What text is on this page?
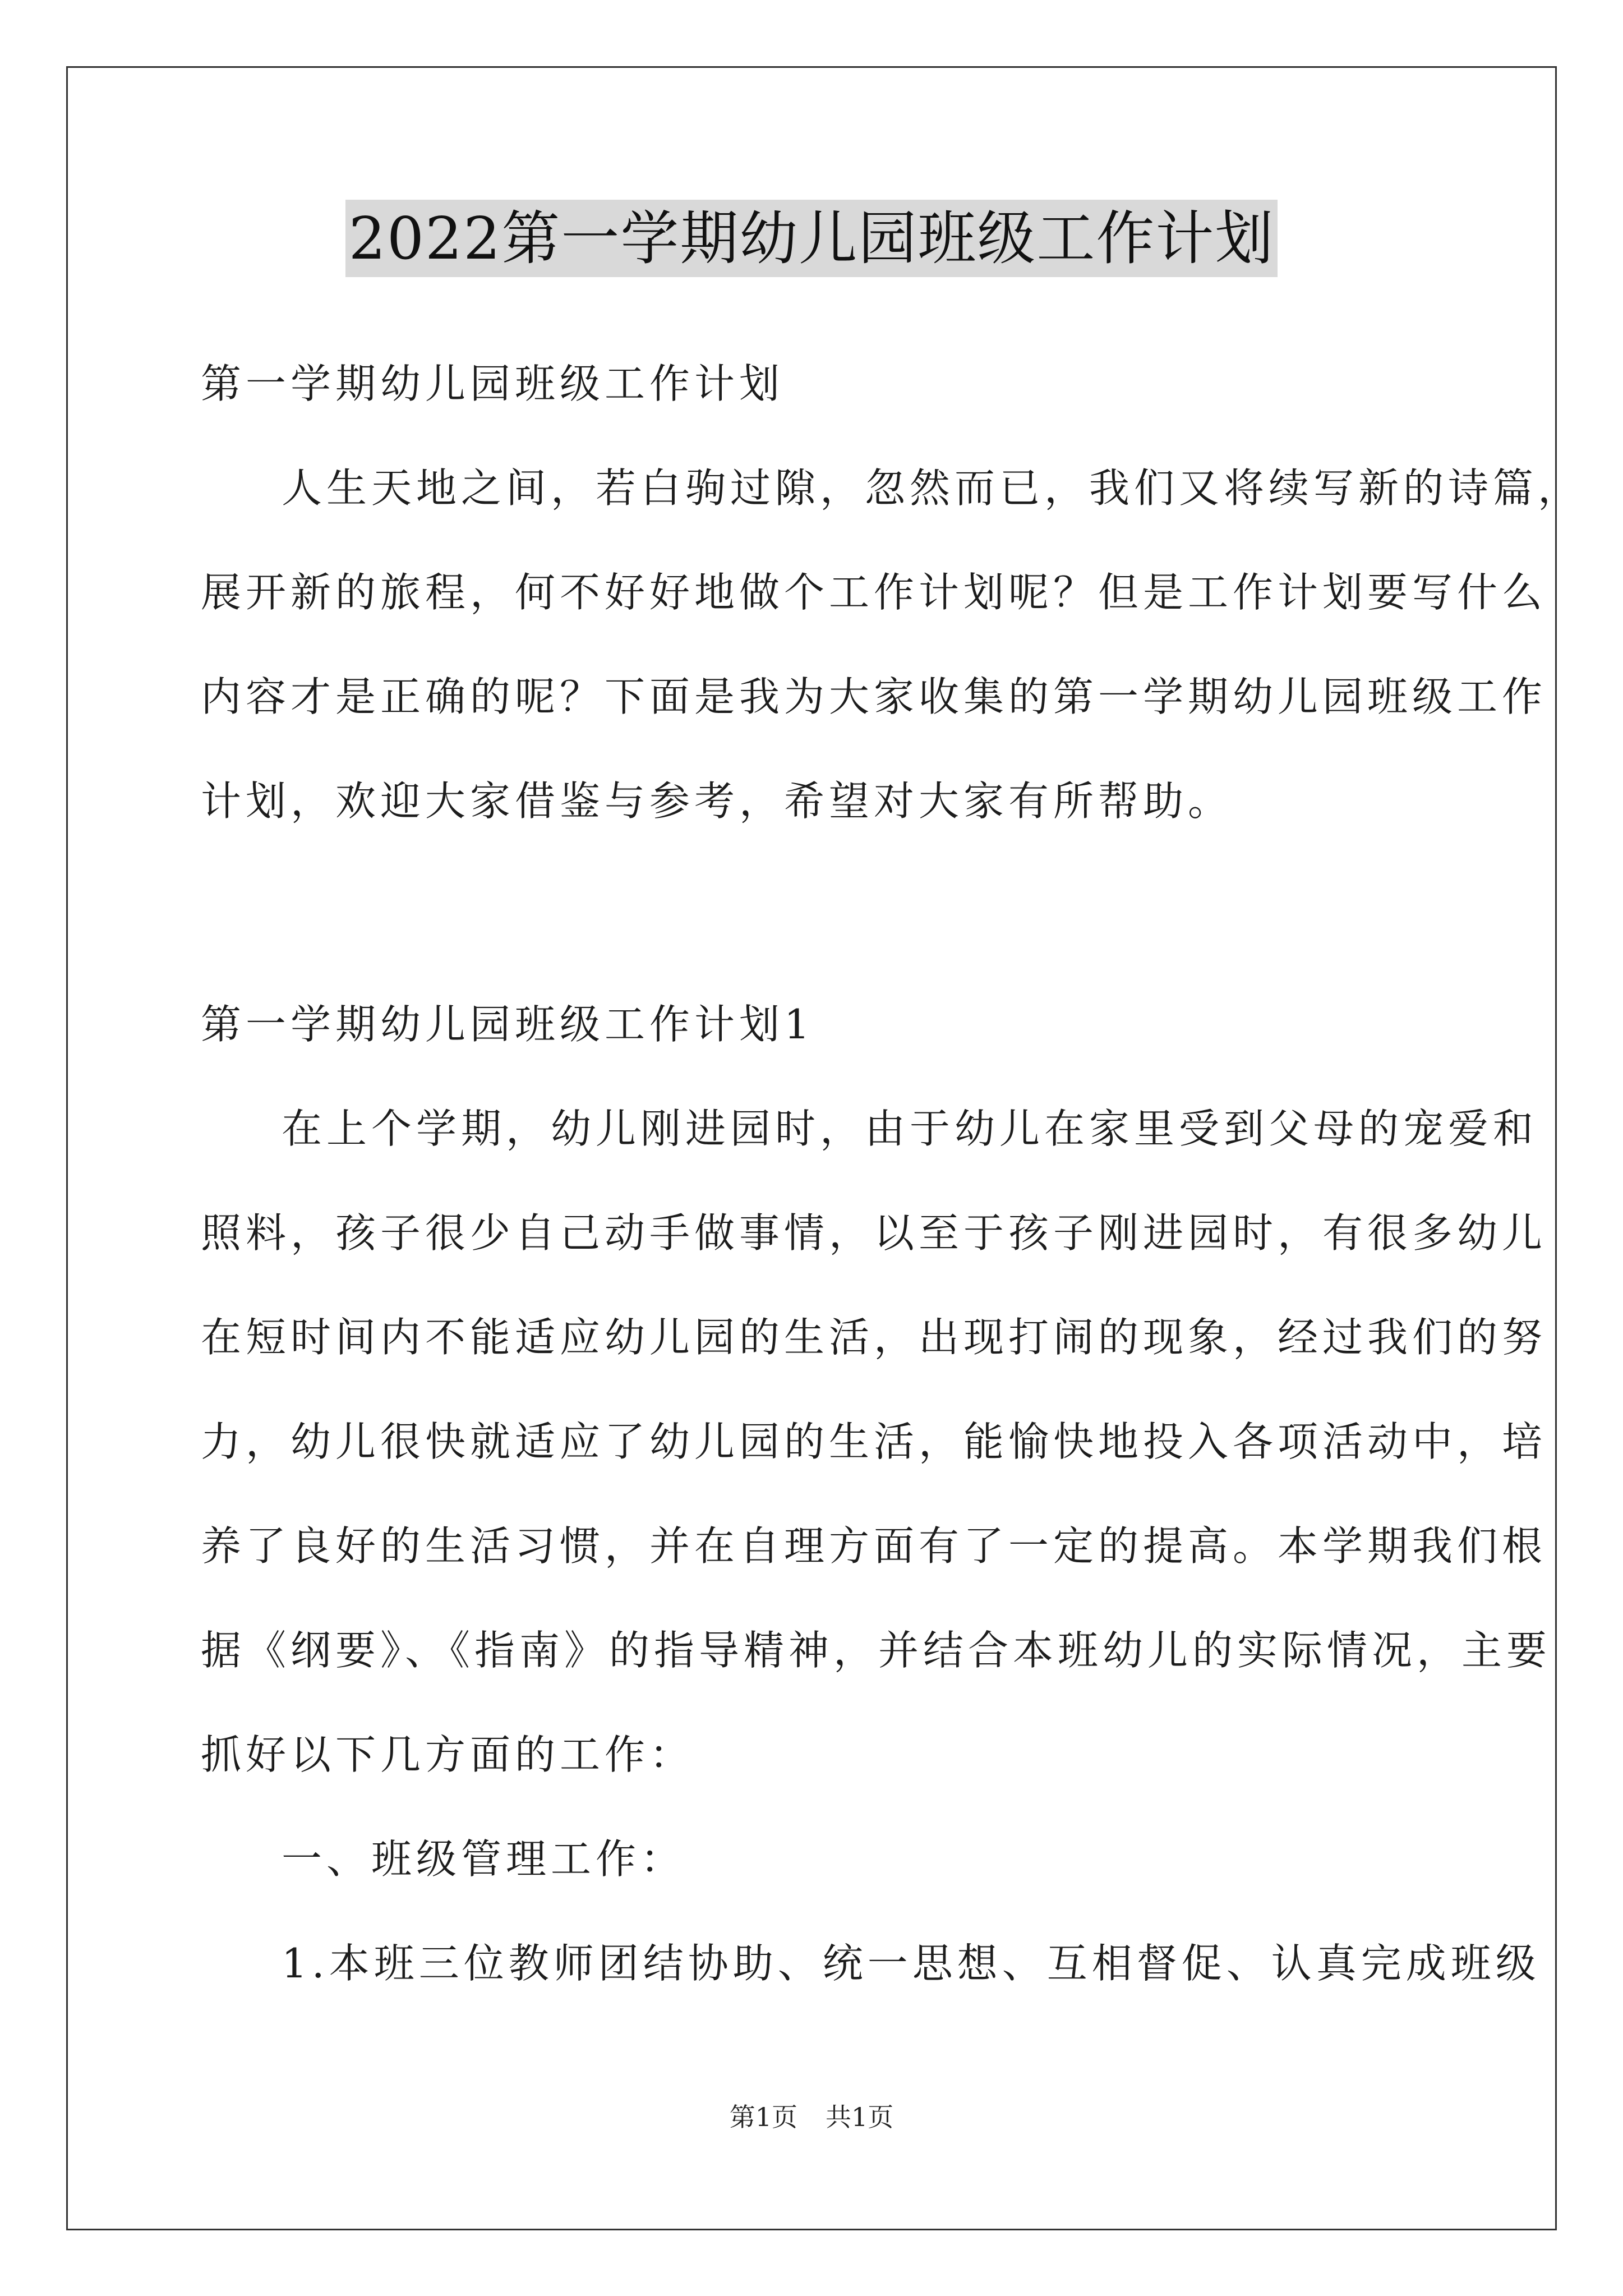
2022第一学期幼儿园班级工作计划
第一学期幼儿园班级工作计划
人生天地之间，若白驹过隙，忽然而已，我们又将续写新的诗篇，
展开新的旅程，何不好好地做个工作计划呢？但是工作计划要写什么
内容才是正确的呢？下面是我为大家收集的第一学期幼儿园班级工作
计划，欢迎大家借鉴与参考，希望对大家有所帮助。
第一学期幼儿园班级工作计划1
在上个学期，幼儿刚进园时，由于幼儿在家里受到父母的宠爱和
照料，孩子很少自己动手做事情，以至于孩子刚进园时，有很多幼儿
在短时间内不能适应幼儿园的生活，出现打闹的现象，经过我们的努
力，幼儿很快就适应了幼儿园的生活，能愉快地投入各项活动中，培
养了良好的生活习惯，并在自理方面有了一定的提高。本学期我们根
据《纲要》、《指南》的指导精神，并结合本班幼儿的实际情况，主要
抓好以下几方面的工作：
一、班级管理工作：
1.本班三位教师团结协助、统一思想、互相督促、认真完成班级
第1页 共1页
